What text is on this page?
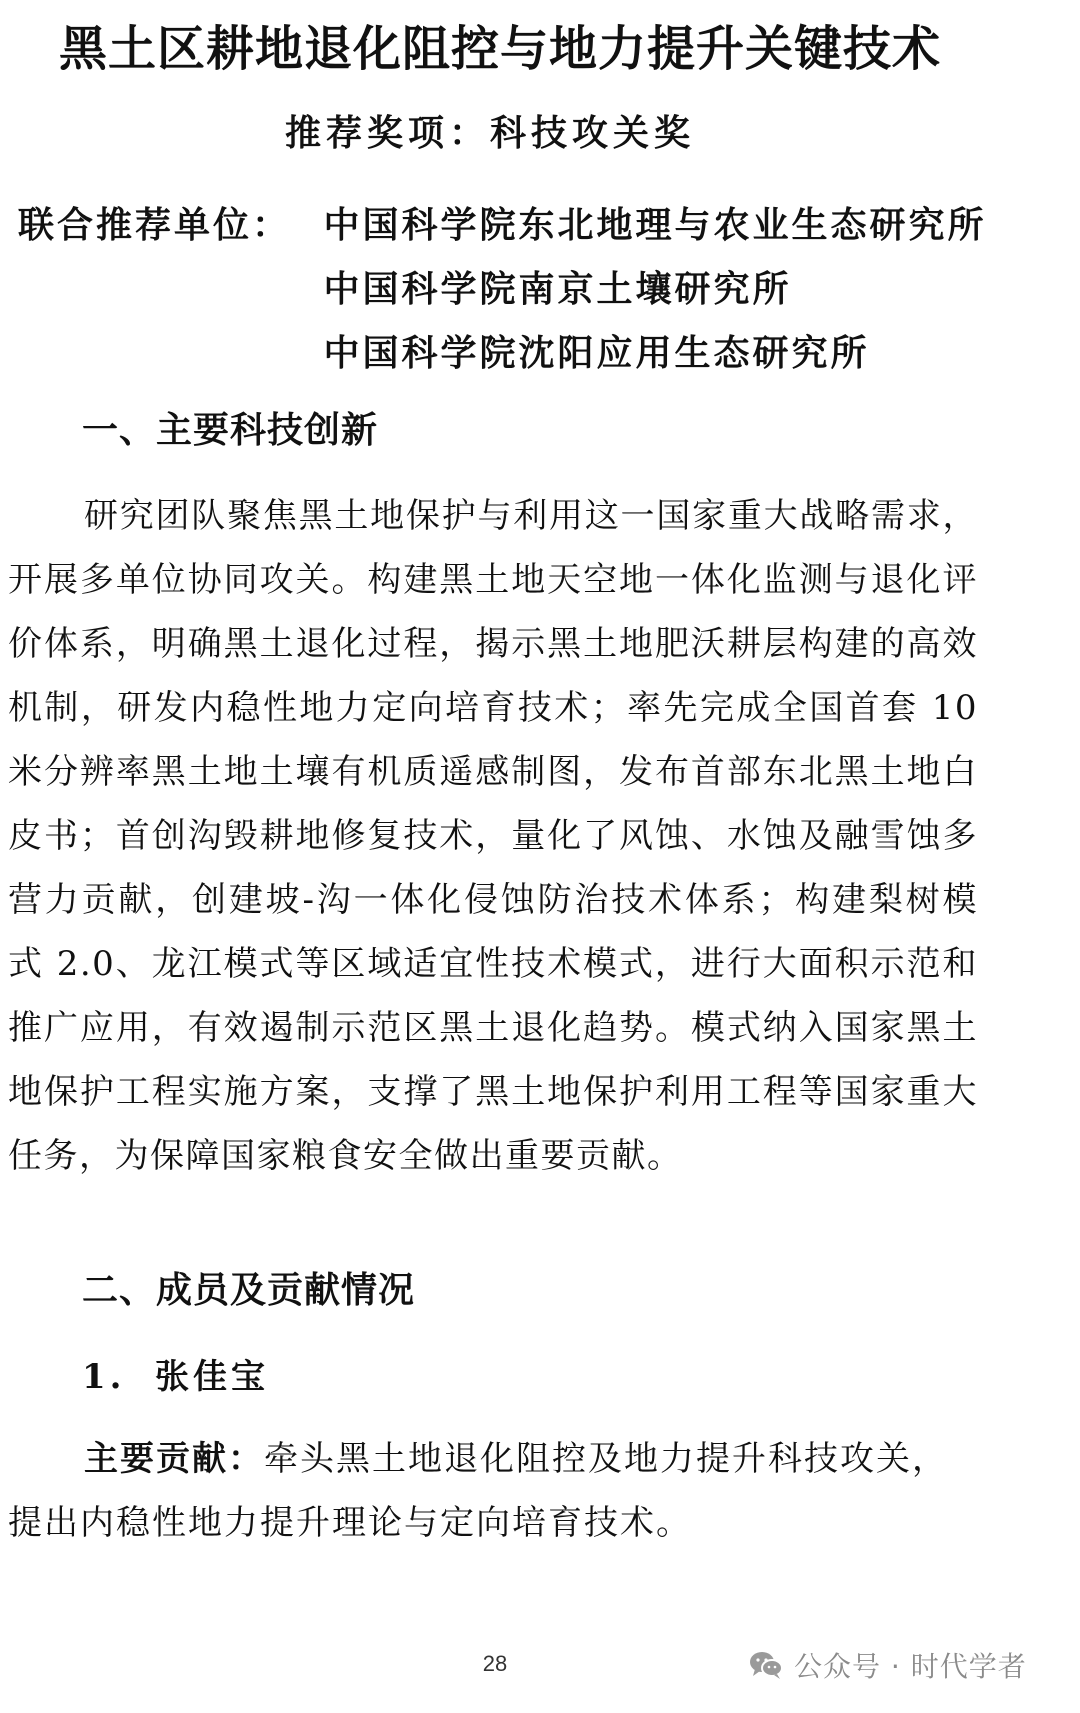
黑土区耕地退化阻控与地力提升关键技术
推荐奖项：科技攻关奖
联合推荐单位： 中国科学院东北地理与农业生态研究所
中国科学院南京土壤研究所
中国科学院沈阳应用生态研究所
一、主要科技创新
研究团队聚焦黑土地保护与利用这一国家重大战略需求，开展多单位协同攻关。构建黑土地天空地一体化监测与退化评价体系，明确黑土退化过程，揭示黑土地肥沃耕层构建的高效机制，研发内稳性地力定向培育技术；率先完成全国首套 10 米分辨率黑土地土壤有机质遥感制图，发布首部东北黑土地白皮书；首创沟毁耕地修复技术，量化了风蚀、水蚀及融雪蚀多营力贡献，创建坡-沟一体化侵蚀防治技术体系；构建梨树模式 2.0、龙江模式等区域适宜性技术模式，进行大面积示范和推广应用，有效遏制示范区黑土退化趋势。模式纳入国家黑土地保护工程实施方案，支撑了黑土地保护利用工程等国家重大任务，为保障国家粮食安全做出重要贡献。
二、成员及贡献情况
1. 张佳宝
主要贡献：牵头黑土地退化阻控及地力提升科技攻关，提出内稳性地力提升理论与定向培育技术。
28	公众号 · 时代学者
